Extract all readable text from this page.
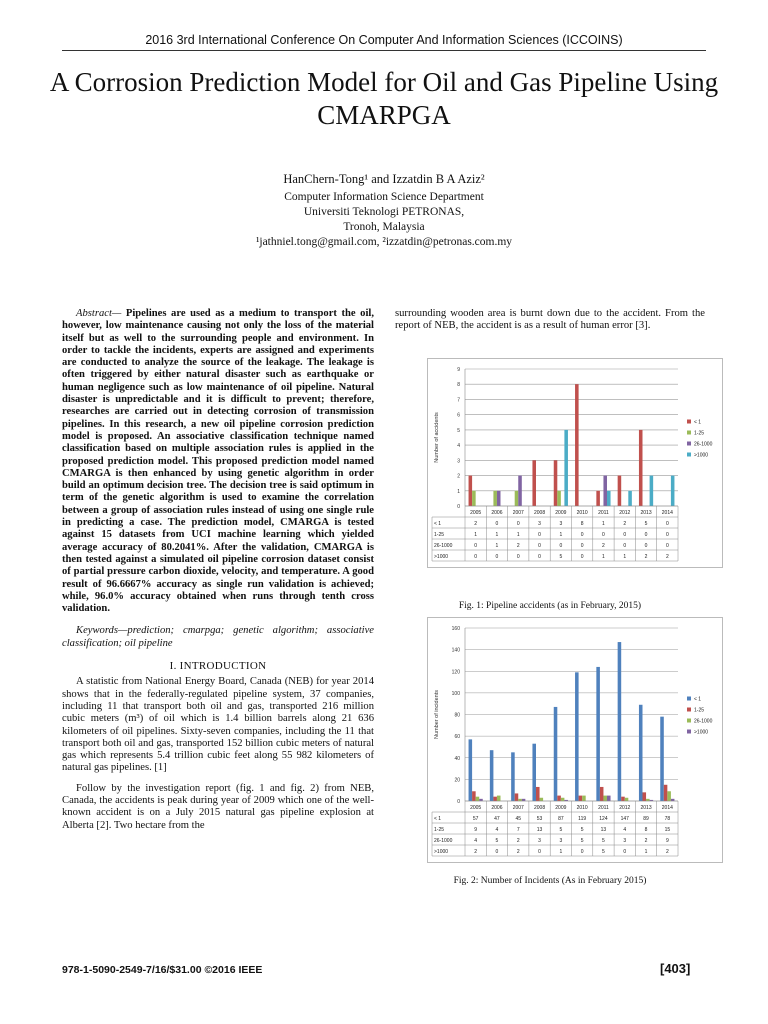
2016 3rd International Conference On Computer And Information Sciences (ICCOINS)
A Corrosion Prediction Model for Oil and Gas Pipeline Using CMARPGA
HanChern-Tong¹ and Izzatdin B A Aziz²
Computer Information Science Department
Universiti Teknologi PETRONAS,
Tronoh, Malaysia
¹jathniel.tong@gmail.com, ²izzatdin@petronas.com.my

Abstract— Pipelines are used as a medium to transport the oil, however, low maintenance causing not only the loss of the material itself but as well to the surrounding people and environment. In order to tackle the incidents, experts are assigned and experiments are conducted to analyze the source of the leakage. The leakage is often triggered by either natural disaster such as earthquake or human negligence such as low maintenance of oil pipeline. Natural disaster is unpredictable and it is difficult to prevent; therefore, researches are carried out in detecting corrosion of transmission pipelines. In this research, a new oil pipeline corrosion prediction model is proposed. An associative classification technique named classification based on multiple association rules is applied in the proposed prediction model. This proposed prediction model named CMARGA is then enhanced by using genetic algorithm in order build an optimum decision tree. The decision tree is said optimum in term of the genetic algorithm is used to examine the correlation between a group of association rules instead of using one single rule in predicting a case. The prediction model, CMARGA is tested against 15 datasets from UCI machine learning which yielded average accuracy of 80.2041%. After the validation, CMARGA is then tested against a simulated oil pipeline corrosion dataset consist of partial pressure carbon dioxide, velocity, and temperature. A good result of 96.6667% accuracy as single run validation is achieved; while, 96.0% accuracy obtained when runs through tenth cross validation.

Keywords—prediction; cmarpga; genetic algorithm; associative classification; oil pipeline

I. INTRODUCTION

A statistic from National Energy Board, Canada (NEB) for year 2014 shows that in the federally-regulated pipeline system, 37 companies, including 11 that transport both oil and gas, transported 216 million cubic meters (m³) of oil which is 1.4 billion barrels along 21 636 kilometers of oil pipelines. Sixty-seven companies, including the 11 that transport both oil and gas, transported 152 billion cubic meters of natural gas which represents 5.4 trillion cubic feet along 55 982 kilometers of natural gas pipelines. [1]

Follow by the investigation report (fig. 1 and fig. 2) from NEB, Canada, the accidents is peak during year of 2009 which one of the well-known accident is on a July 2015 natural gas pipeline explosion at Alberta [2]. Two hectare from the

surrounding wooden area is burnt down due to the accident. From the report of NEB, the accident is as a result of human error [3].

0
1
2
3
4
5
6
7
8
9
Number of accidents
2005 2006 2007 2008 2009 2010 2011 2012 2013 2014
< 1	2	0	0	3	3	8	1	2	5	0
< 1
1-25	1	1	1	0	1	0	0	0	0	0
1-25
26-1000	0	1	2	0	0	0	2	0	0	0
26-1000
>1000	0	0	0	0	5	0	1	1	2	2
>1000
Fig. 1: Pipeline accidents (as in February, 2015)
0
20
40
60
80
100
120
140
160
Number of incidents
2005 2006 2007 2008 2009 2010 2011 2012 2013 2014
< 1	57	47	45	53	87	119	124	147	89	78
< 1
1-25	9	4	7	13	5	5	13	4	8	15
1-25
26-1000	4	5	2	3	3	5	5	3	2	9
26-1000
>1000	2	0	2	0	1	0	5	0	1	2
>1000
Fig. 2: Number of Incidents (As in February 2015)
978-1-5090-2549-7/16/$31.00 ©2016 IEEE	[403]
